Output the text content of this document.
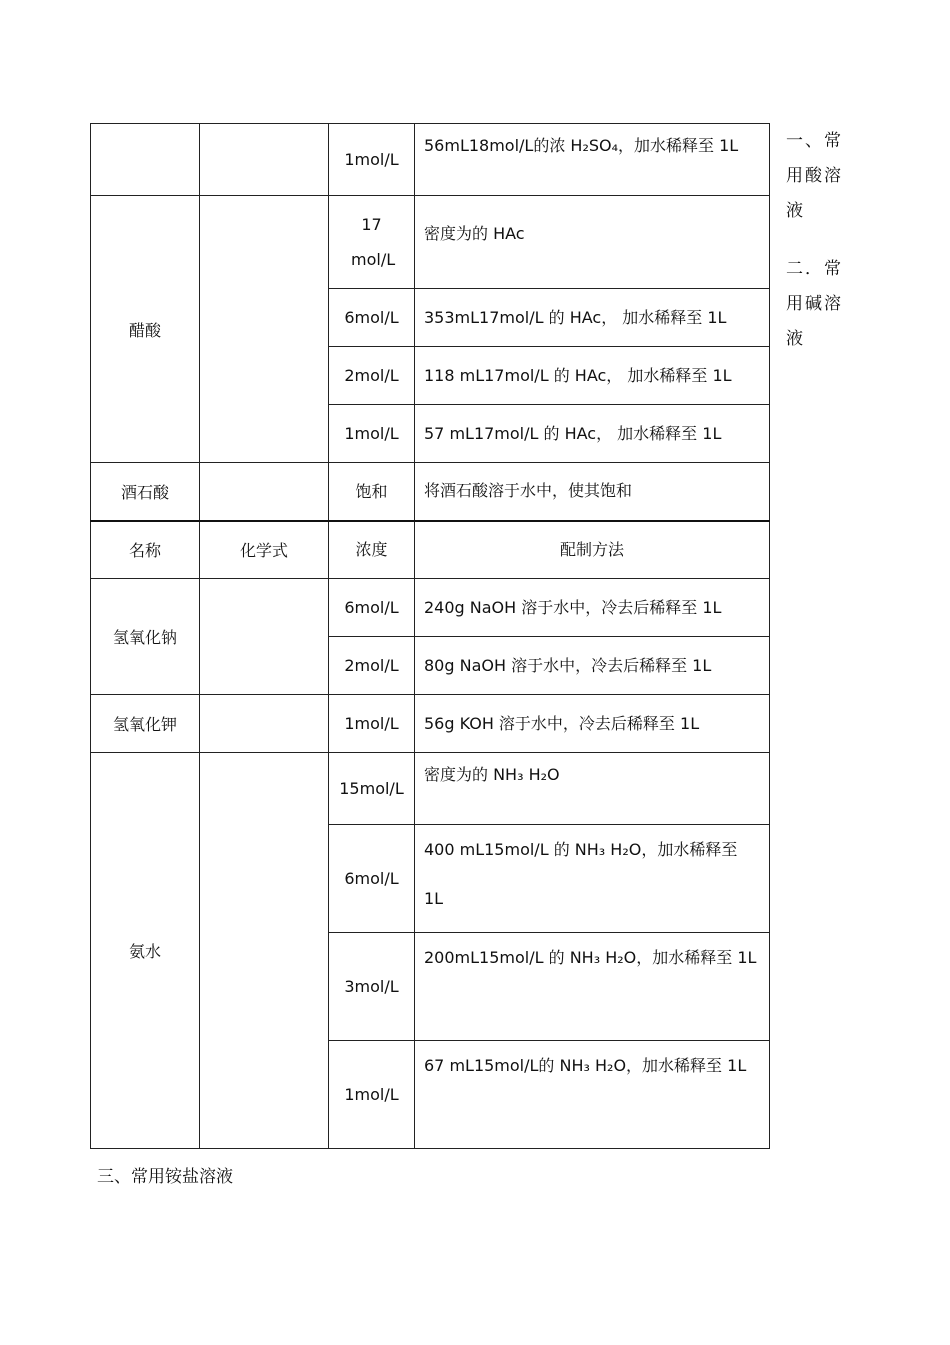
		1mol/L	56mL18mol/L的浓 H₂SO₄，加水稀释至 1L
醋酸		17 mol/L	密度为的 HAc
		6mol/L	353mL17mol/L 的 HAc， 加水稀释至 1L
		2mol/L	118 mL17mol/L 的 HAc， 加水稀释至 1L
		1mol/L	57 mL17mol/L 的 HAc， 加水稀释至 1L
酒石酸		饱和	将酒石酸溶于水中，使其饱和
名称	化学式	浓度	配制方法
氢氧化钠		6mol/L	240g NaOH 溶于水中，冷去后稀释至 1L
		2mol/L	80g NaOH 溶于水中，冷去后稀释至 1L
氢氧化钾		1mol/L	56g KOH 溶于水中，冷去后稀释至 1L
氨水		15mol/L	密度为的 NH₃ H₂O
		6mol/L	400 mL15mol/L 的 NH₃ H₂O，加水稀释至 1L
		3mol/L	200mL15mol/L 的 NH₃ H₂O，加水稀释至 1L
		1mol/L	67 mL15mol/L的 NH₃ H₂O，加水稀释至 1L
一、常用酸溶液
二．常用碱溶液
三、常用铵盐溶液
